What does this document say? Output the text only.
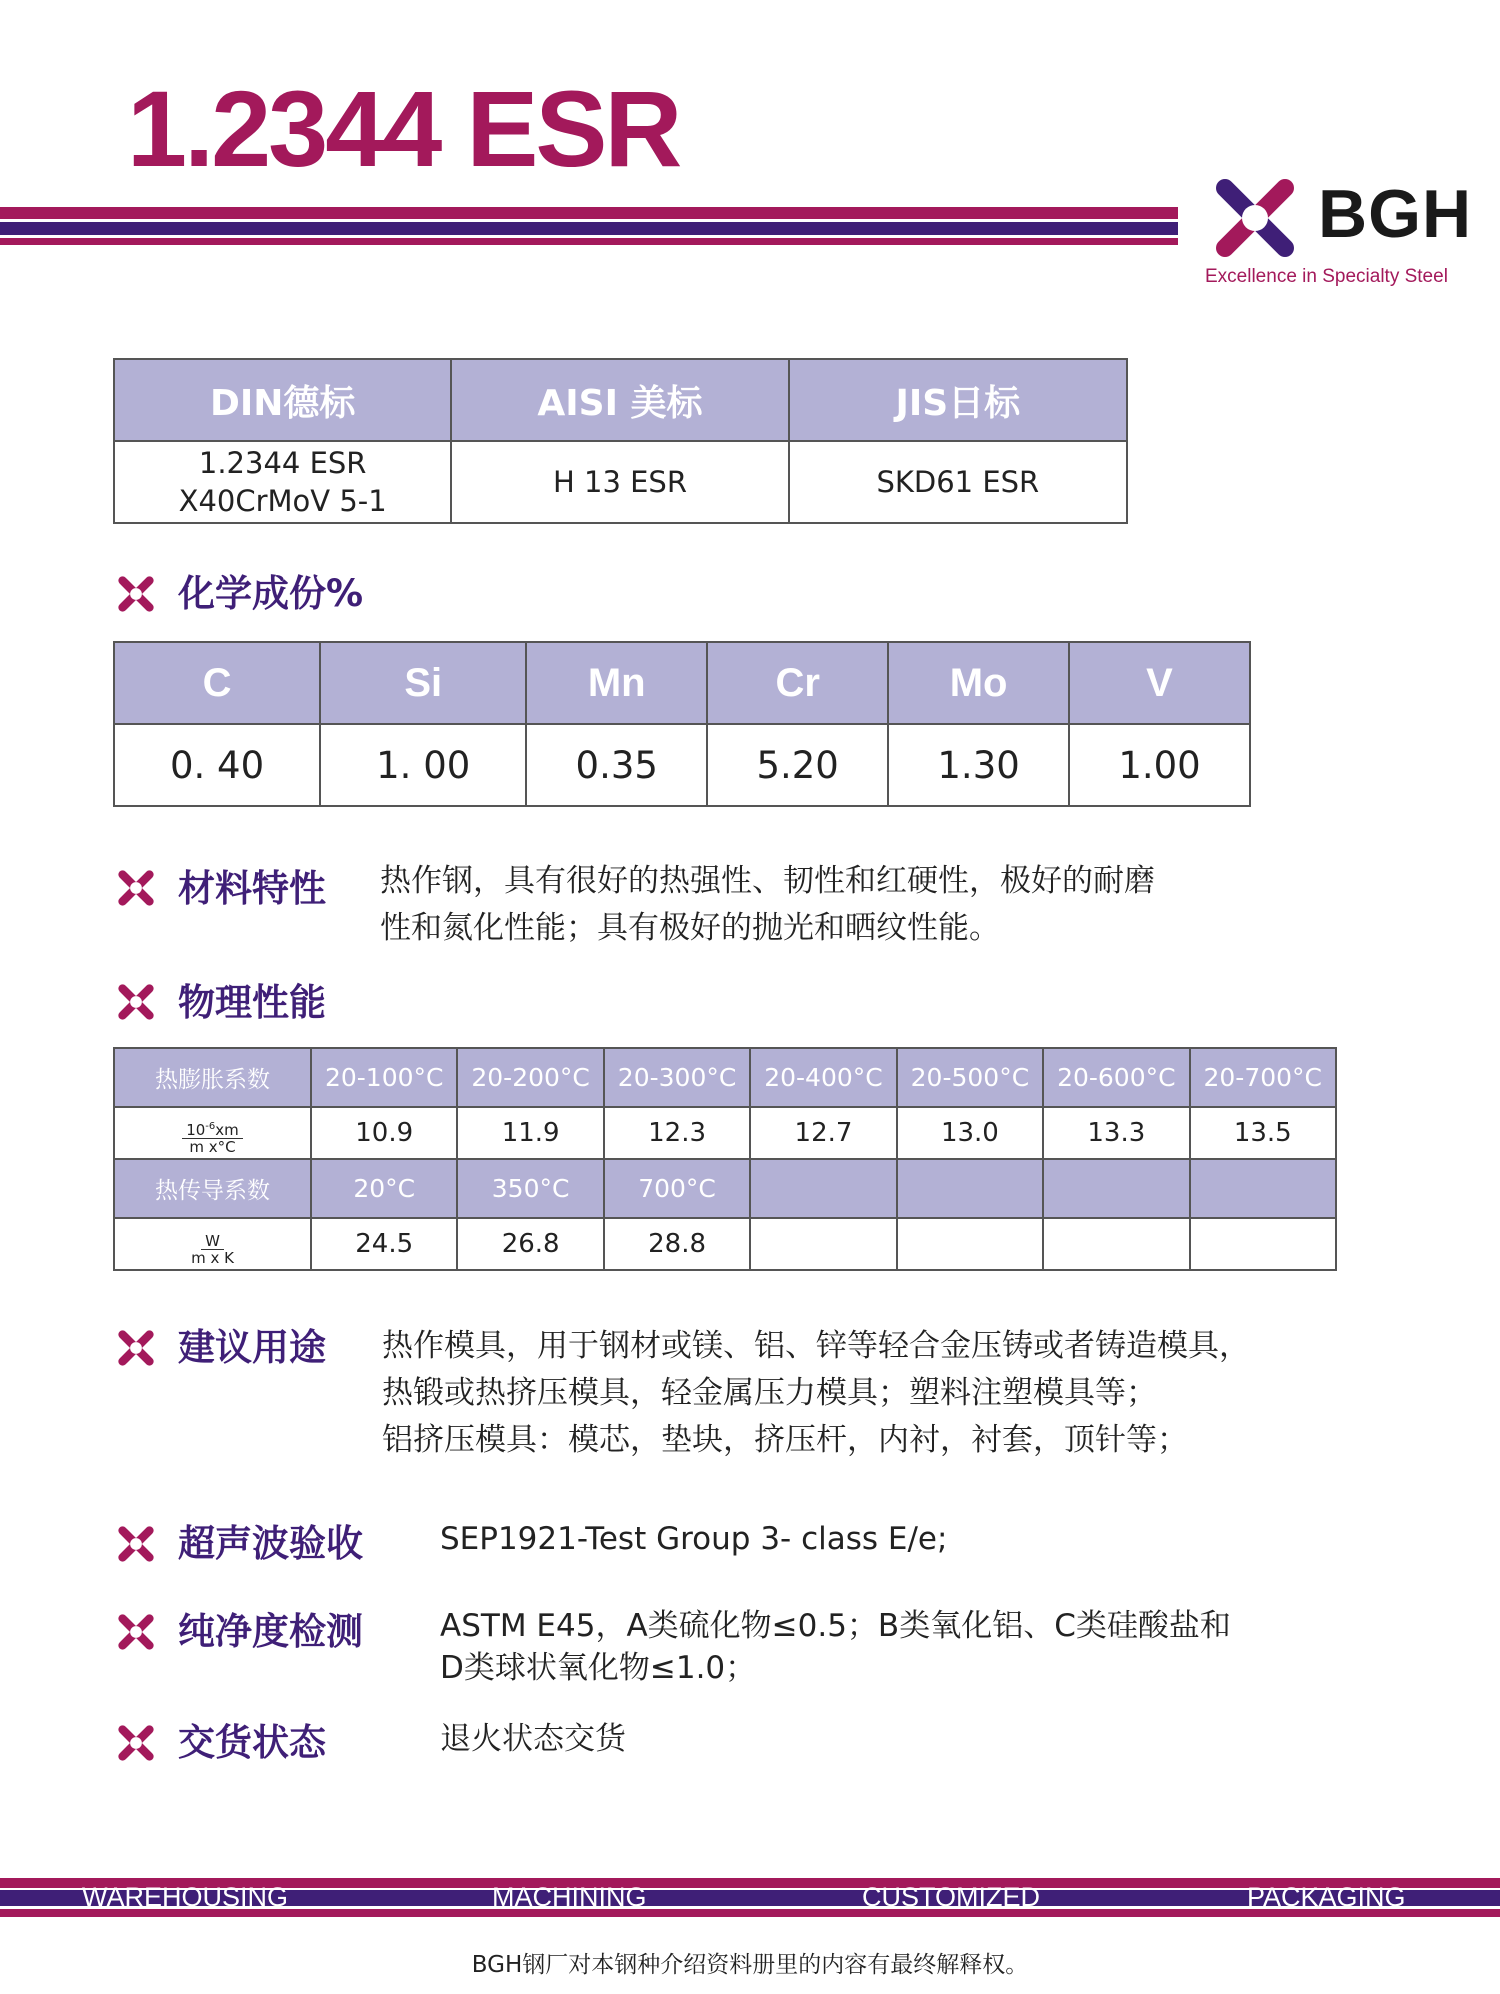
1.2344 ESR
BGH
Excellence in Specialty Steel
DIN德标	AISI 美标	JIS日标

1.2344 ESR
X40CrMoV 5-1	H 13 ESR	SKD61 ESR
化学成份%
C	Si	Mn	Cr	Mo	V
0. 40	1. 00	0.35	5.20	1.30	1.00
材料特性 热作钢，具有很好的热强性、韧性和红硬性，极好的耐磨
性和氮化性能；具有极好的抛光和晒纹性能。
物理性能
热膨胀系数	20-100°C	20-200°C	20-300°C	20-400°C	20-500°C	20-600°C	20-700°C

$\frac{10^{-6}xm}{\text{m x°C}}$	10.9	11.9	12.3	12.7	13.0	13.3	13.5
热传导系数	20°C	350°C	700°C				

$\frac{W}{\text{m x K}}$	24.5	26.8	28.8				
建议用途 热作模具，用于钢材或镁、铝、锌等轻合金压铸或者铸造模具，
热锻或热挤压模具，轻金属压力模具；塑料注塑模具等；
铝挤压模具：模芯，垫块，挤压杆，内衬，衬套，顶针等；
超声波验收 SEP1921-Test Group 3- class E/e;
纯净度检测 ASTM E45，A类硫化物≤0.5；B类氧化铝、C类硅酸盐和
D类球状氧化物≤1.0；
交货状态	退火状态交货
WAREHOUSING	MACHINING	CUSTOMIZED	PACKAGING
BGH钢厂对本钢种介绍资料册里的内容有最终解释权。
